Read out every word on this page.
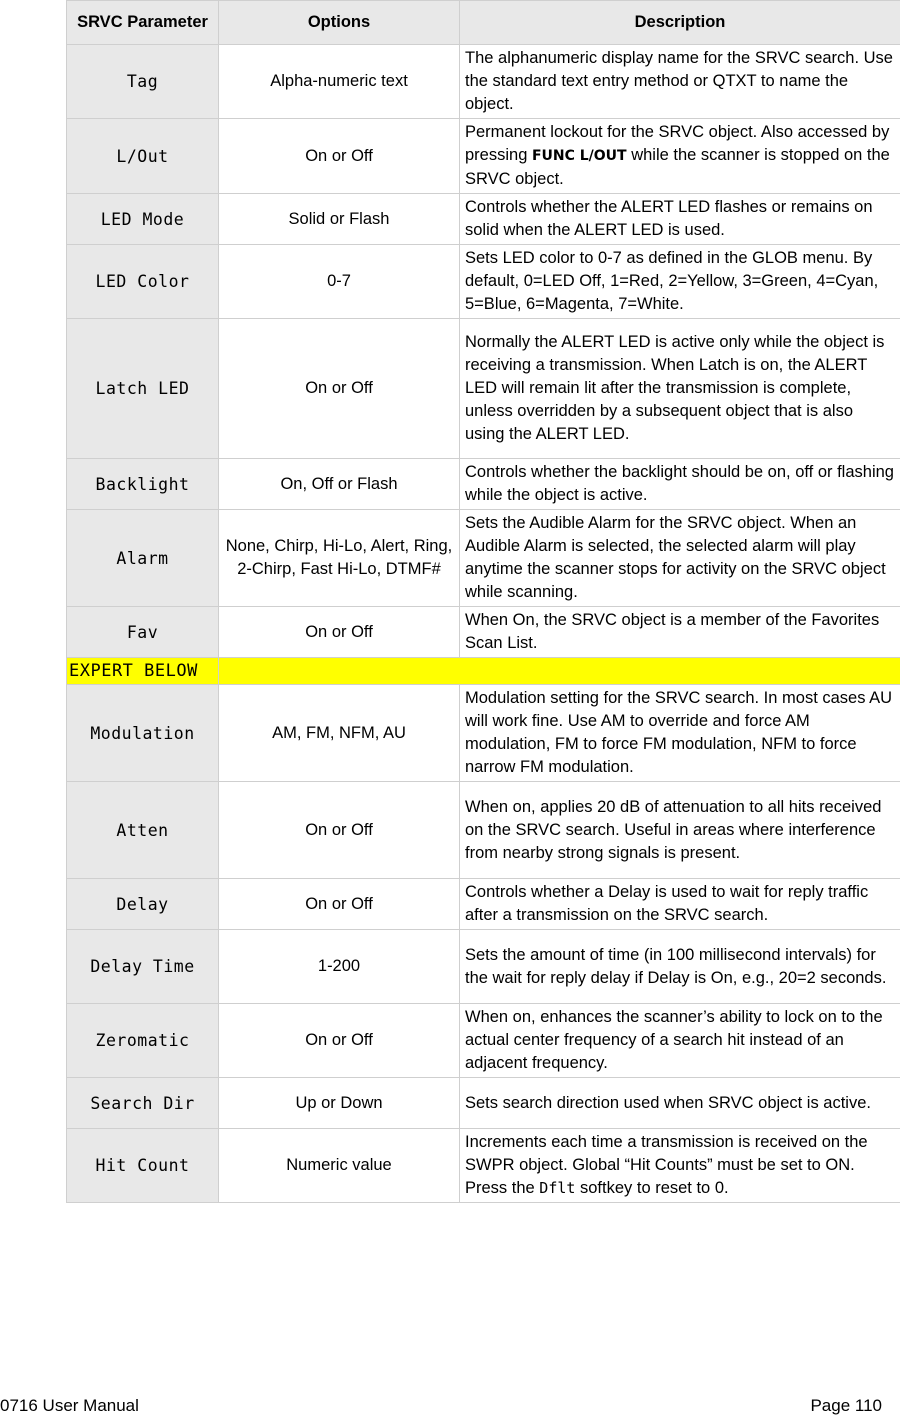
SRVC Parameter	Options	Description
Tag	Alpha-numeric text	The alphanumeric display name for the SRVC search. Use the standard text entry method or QTXT to name the object.
L/Out	On or Off	Permanent lockout for the SRVC object. Also accessed by pressing FUNC L/OUT while the scanner is stopped on the SRVC object.
LED Mode	Solid or Flash	Controls whether the ALERT LED flashes or remains on solid when the ALERT LED is used.
LED Color	0-7	Sets LED color to 0-7 as defined in the GLOB menu. By default, 0=LED Off, 1=Red, 2=Yellow, 3=Green, 4=Cyan, 5=Blue, 6=Magenta, 7=White.
Latch LED	On or Off	Normally the ALERT LED is active only while the object is receiving a transmission. When Latch is on, the ALERT LED will remain lit after the transmission is complete, unless overridden by a subsequent object that is also using the ALERT LED.
Backlight	On, Off or Flash	Controls whether the backlight should be on, off or flashing while the object is active.
Alarm	None, Chirp, Hi-Lo, Alert, Ring, 2-Chirp, Fast Hi-Lo, DTMF#	Sets the Audible Alarm for the SRVC object. When an Audible Alarm is selected, the selected alarm will play anytime the scanner stops for activity on the SRVC object while scanning.
Fav	On or Off	When On, the SRVC object is a member of the Favorites Scan List.
EXPERT BELOW		
Modulation	AM, FM, NFM, AU	Modulation setting for the SRVC search. In most cases AU will work fine. Use AM to override and force AM modulation, FM to force FM modulation, NFM to force narrow FM modulation.
Atten	On or Off	When on, applies 20 dB of attenuation to all hits received on the SRVC search. Useful in areas where interference from nearby strong signals is present.
Delay	On or Off	Controls whether a Delay is used to wait for reply traffic after a transmission on the SRVC search.
Delay Time	1-200	Sets the amount of time (in 100 millisecond intervals) for the wait for reply delay if Delay is On, e.g., 20=2 seconds.
Zeromatic	On or Off	When on, enhances the scanner’s ability to lock on to the actual center frequency of a search hit instead of an adjacent frequency.
Search Dir	Up or Down	Sets search direction used when SRVC object is active.
Hit Count	Numeric value	Increments each time a transmission is received on the SWPR object. Global “Hit Counts” must be set to ON. Press the Dflt softkey to reset to 0.
0716 User Manual	Page 110
